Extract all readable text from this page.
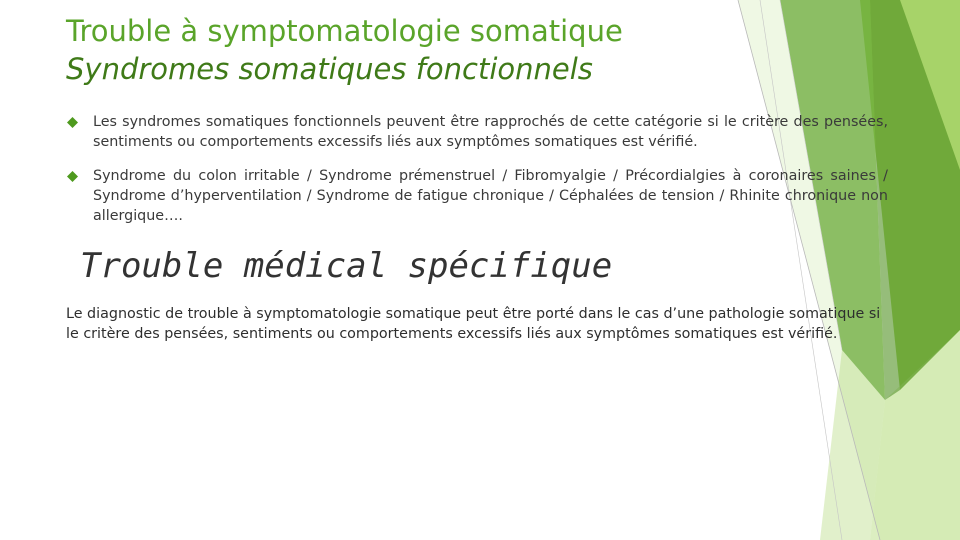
Trouble à symptomatologie somatique
Syndromes somatiques fonctionnels
Les syndromes somatiques fonctionnels peuvent être rapprochés de cette catégorie si le critère des pensées, sentiments ou comportements excessifs liés aux symptômes somatiques est vérifié.
Syndrome du colon irritable / Syndrome prémenstruel / Fibromyalgie / Précordialgies à coronaires saines / Syndrome d’hyperventilation / Syndrome de fatigue chronique / Céphalées de tension / Rhinite chronique non allergique….
Trouble médical spécifique

Le diagnostic de trouble à symptomatologie somatique peut être porté dans le cas d’une pathologie somatique si le critère des pensées, sentiments ou comportements excessifs liés aux symptômes somatiques est vérifié.
